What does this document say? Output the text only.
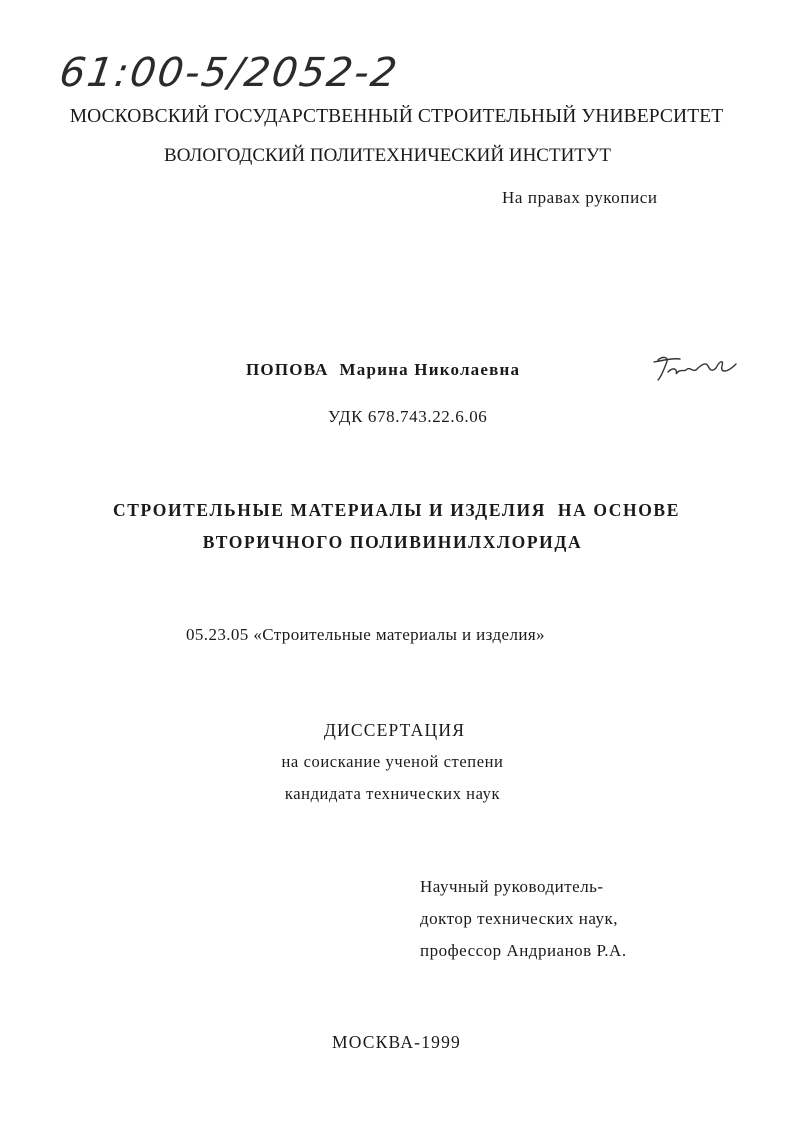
61:00-5/2052-2
МОСКОВСКИЙ ГОСУДАРСТВЕННЫЙ СТРОИТЕЛЬНЫЙ УНИВЕРСИТЕТ
ВОЛОГОДСКИЙ ПОЛИТЕХНИЧЕСКИЙ ИНСТИТУТ
На правах рукописи
ПОПОВА  Марина Николаевна
УДК 678.743.22.6.06
СТРОИТЕЛЬНЫЕ МАТЕРИАЛЫ И ИЗДЕЛИЯ  НА ОСНОВЕ
ВТОРИЧНОГО ПОЛИВИНИЛХЛОРИДА
05.23.05 «Строительные материалы и изделия»
ДИССЕРТАЦИЯ
на соискание ученой степени
кандидата технических наук
Научный руководитель-
доктор технических наук,
профессор Андрианов Р.А.
МОСКВА-1999
